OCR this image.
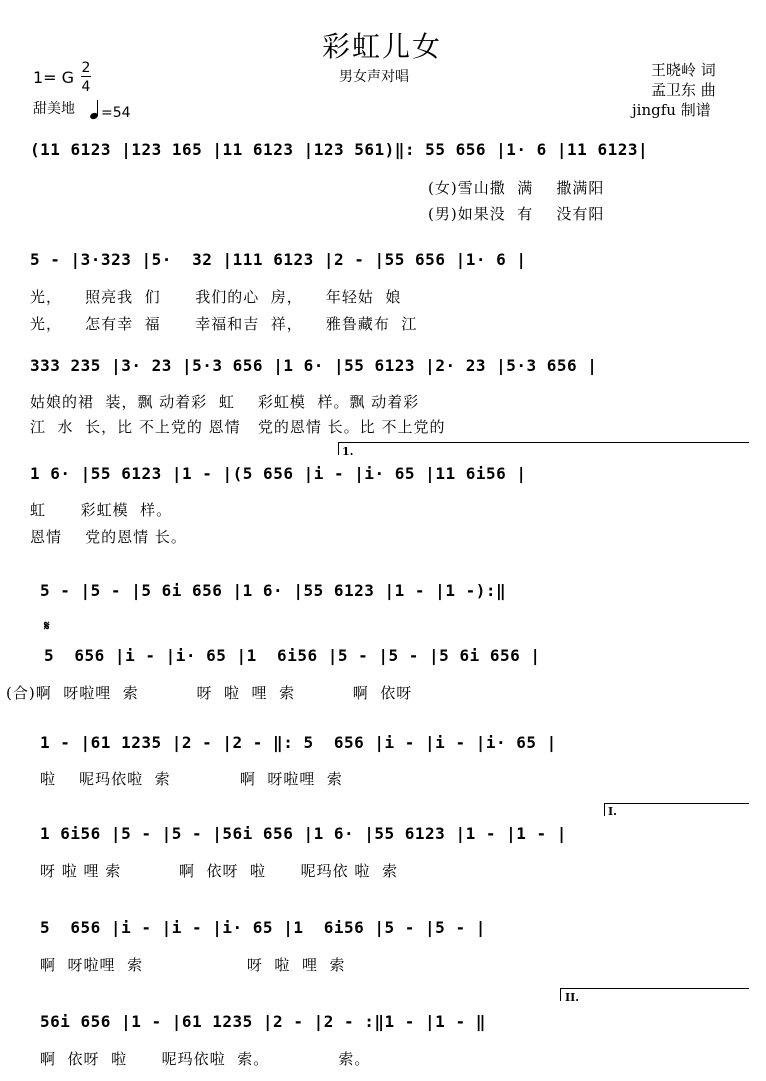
彩虹儿女
男女声对唱	王晓岭 词
孟卫东 曲
jingfu 制谱
1= G 2
4
甜美地 =54
(11 6123 |123 165 |11 6123 |123 561)‖: 55 656 |1· 6 |11 6123|
(女)雪山撒  满    撒满阳
(男)如果没  有    没有阳
5 - |3·323 |5·  32 |111 6123 |2 - |55 656 |1· 6 |
光，    照亮我  们      我们的心  房，    年轻姑  娘
光，    怎有幸  福      幸福和吉  祥，    雅鲁藏布  江
333 235 |3· 23 |5·3 656 |1 6· |55 6123 |2· 23 |5·3 656 |
姑娘的裙  装，飘 动着彩  虹    彩虹模  样。飘 动着彩
江  水  长，比 不上党的 恩情   党的恩情 长。比 不上党的
1.
1 6· |55 6123 |1 - |(5 656 |i - |i· 65 |11 6i56 |
虹      彩虹模  样。
恩情    党的恩情 长。
5 - |5 - |5 6i 656 |1 6· |55 6123 |1 - |1 -):‖
𝄋
5  656 |i - |i· 65 |1  6i56 |5 - |5 - |5 6i 656 |
(合)啊  呀啦哩  索          呀  啦  哩  索          啊  依呀
1 - |61 1235 |2 - |2 - ‖: 5  656 |i - |i - |i· 65 |
啦    呢玛依啦  索            啊  呀啦哩  索
I.
1 6i56 |5 - |5 - |56i 656 |1 6· |55 6123 |1 - |1 - |
呀 啦 哩 索          啊  依呀  啦      呢玛依 啦  索
5  656 |i - |i - |i· 65 |1  6i56 |5 - |5 - |
啊  呀啦哩  索                  呀  啦  哩  索
II.
56i 656 |1 - |61 1235 |2 - |2 - :‖1 - |1 - ‖
啊  依呀  啦      呢玛依啦  索。            索。
